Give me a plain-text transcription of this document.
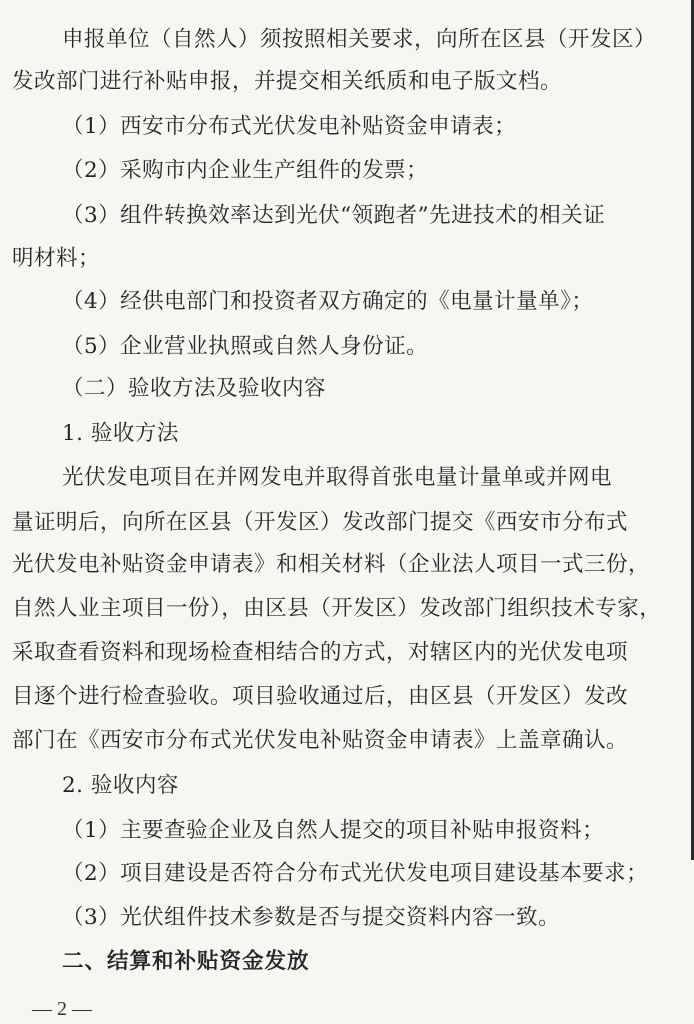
申报单位（自然人）须按照相关要求，向所在区县（开发区）
发改部门进行补贴申报，并提交相关纸质和电子版文档。
（1）西安市分布式光伏发电补贴资金申请表；
（2）采购市内企业生产组件的发票；
（3）组件转换效率达到光伏“领跑者”先进技术的相关证
明材料；
（4）经供电部门和投资者双方确定的《电量计量单》；
（5）企业营业执照或自然人身份证。
（二）验收方法及验收内容
1. 验收方法
光伏发电项目在并网发电并取得首张电量计量单或并网电
量证明后，向所在区县（开发区）发改部门提交《西安市分布式
光伏发电补贴资金申请表》和相关材料（企业法人项目一式三份，
自然人业主项目一份），由区县（开发区）发改部门组织技术专家，
采取查看资料和现场检查相结合的方式，对辖区内的光伏发电项
目逐个进行检查验收。项目验收通过后，由区县（开发区）发改
部门在《西安市分布式光伏发电补贴资金申请表》上盖章确认。
2. 验收内容
（1）主要查验企业及自然人提交的项目补贴申报资料；
（2）项目建设是否符合分布式光伏发电项目建设基本要求；
（3）光伏组件技术参数是否与提交资料内容一致。
二、结算和补贴资金发放
— 2 —
